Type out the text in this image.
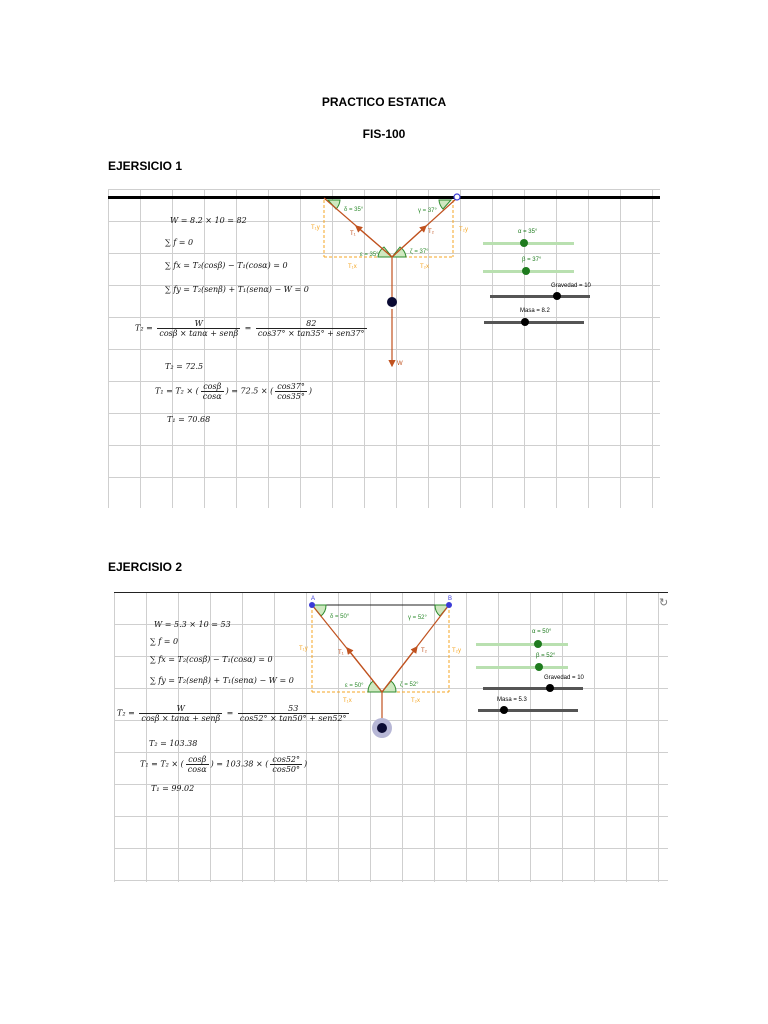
PRACTICO ESTATICA
FIS-100
EJERSICIO 1
W = 8.2 × 10 = 82
∑ f = 0
∑ fx = T₂(cosβ) − T₁(cosα) = 0
∑ fy = T₂(senβ) + T₁(senα) − W = 0
$T_2 = \frac{W}{\text{cosβ × tanα + senβ}} = \frac{82}{\text{cos37° × tan35° + sen37°}}$
T₂ = 72.5
T₁ = T₂ × ( $\frac{\cos\beta}{\cos\alpha}$ ) = 72.5 × ( $\frac{\cos 37^\circ}{\cos 35^\circ}$ )
T₁ = 70.68
δ = 35°	γ = 37°
ε = 35°	ζ = 37°
T₁	T₂
W
T₁y	T₂y
T₁x	T₂x
α = 35°
β = 37°
Gravedad = 10
Masa = 8.2
EJERCISIO 2
↻
W = 5.3 × 10 = 53
∑ f = 0
∑ fx = T₂(cosβ) − T₁(cosα) = 0
∑ fy = T₂(senβ) + T₁(senα) − W = 0
$T_2 = \frac{W}{\text{cosβ × tanα + senβ}} = \frac{53}{\text{cos52° × tan50° + sen52°}}$
T₂ = 103.38
T₁ = T₂ × ( $\frac{\cos\beta}{\cos\alpha}$ ) = 103.38 × ( $\frac{\cos 52^\circ}{\cos 50^\circ}$ )
T₁ = 99.02
A	B
δ = 50°	γ = 52°
ε = 50°	ζ = 52°
T₁	T₂
T₁y	T₂y
T₁x	T₂x
α = 50°
β = 52°
Gravedad = 10
Masa = 5.3
